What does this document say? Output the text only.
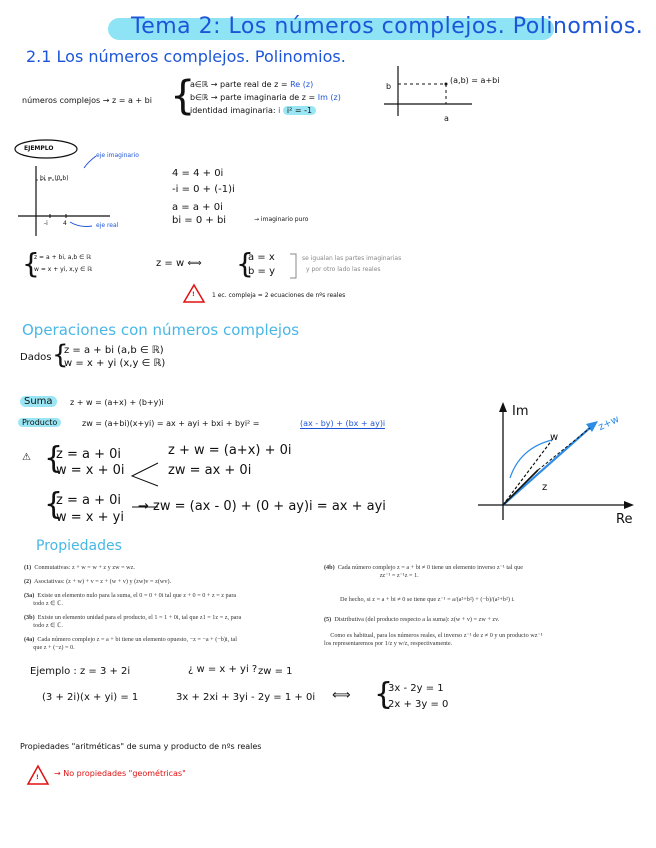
Tema 2: Los números complejos. Polinomios.
2.1 Los números complejos. Polinomios.
números complejos → z = a + bi {
a∈ℝ → parte real de z = Re (z)
b∈ℝ → parte imaginaria de z = Im (z)
identidad imaginaria: i i² = -1
b
a
(a,b) = a+bi
EJEMPLO
eje imaginario
eje real
bi = (0,b)
-i	4
4 = 4 + 0i
-i = 0 + (-1)i
a = a + 0i
bi = 0 + bi	→ imaginario puro
{
z = a + bi, a,b ∈ ℝ
w = x + yi, x,y ∈ ℝ
z = w ⟺ {
a = x
b = y
se igualan las partes imaginarias
y por otro lado las reales
!	1 ec. compleja = 2 ecuaciones de nºs reales
Operaciones con números complejos
Dados {
z = a + bi (a,b ∈ ℝ)
w = x + yi (x,y ∈ ℝ)
Suma	z + w = (a+x) + (b+y)i
Producto	zw = (a+bi)(x+yi) = ax + ayi + bxi + byi² =	(ax - by) + (bx + ay)i
⚠ {
z = a + 0i
w = x + 0i
z + w = (a+x) + 0i
zw = ax + 0i
{
z = a + 0i
w = x + yi
→ zw = (ax - 0) + (0 + ay)i = ax + ayi
Im
Re
z+w
z
w
Propiedades
(1) Conmutativas: z + w = w + z y zw = wz.
(2) Asociativas: (z + w) + v = z + (w + v) y (zw)v = z(wv).
(3a) Existe un elemento nulo para la suma, el 0 = 0 + 0i tal que z + 0 = 0 + z = z para
todo z ∈ ℂ.
(3b) Existe un elemento unidad para el producto, el 1 = 1 + 0i, tal que z1 = 1z = z, para
todo z ∈ ℂ.
(4a) Cada número complejo z = a + bi tiene un elemento opuesto, −z = −a + (−b)i, tal
que z + (−z) = 0.
(4b) Cada número complejo z = a + bi ≠ 0 tiene un elemento inverso z⁻¹ tal que
zz⁻¹ = z⁻¹z = 1.
De hecho, si z = a + bi ≠ 0 se tiene que z⁻¹ = a/(a²+b²) + (−b)/(a²+b²) i.
(5) Distributiva (del producto respecto a la suma): z(w + v) = zw + zv.
Como es habitual, para los números reales, el inverso z⁻¹ de z ≠ 0 y un producto wz⁻¹
los representaremos por 1/z y w/z, respectivamente.
Ejemplo : z = 3 + 2i	¿ w = x + yi ? zw = 1
(3 + 2i)(x + yi) = 1	3x + 2xi + 3yi - 2y = 1 + 0i ⟺ {
3x - 2y = 1
2x + 3y = 0
Propiedades "aritméticas" de suma y producto de nºs reales
! → No propiedades "geométricas"
